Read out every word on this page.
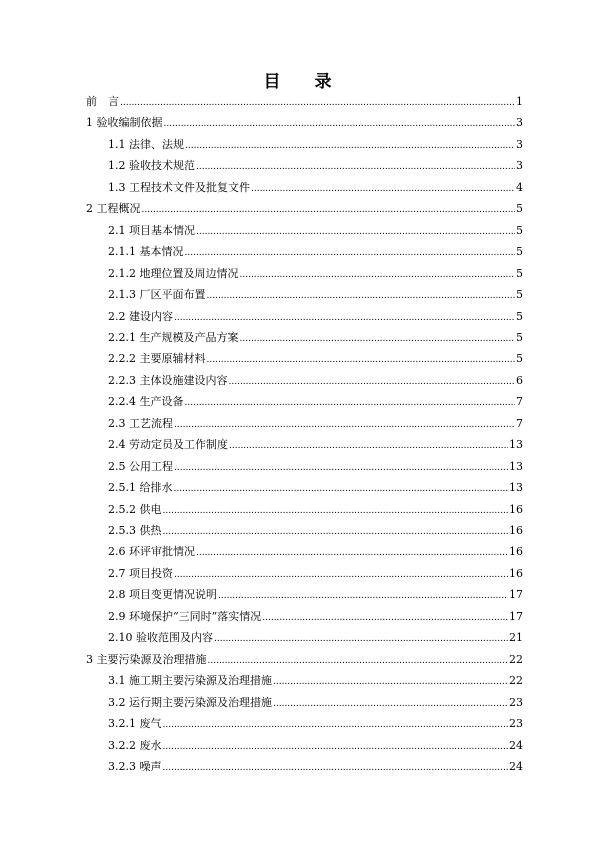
目 录
前　言 .....	1
1 验收编制依据 .....	3
1.1 法律、法规 .....	3
1.2 验收技术规范 .....	3
1.3 工程技术文件及批复文件 .....	4
2 工程概况 .....	5
2.1 项目基本情况 .....	5
2.1.1 基本情况 .....	5
2.1.2 地理位置及周边情况 .....	5
2.1.3 厂区平面布置 .....	5
2.2 建设内容 .....	5
2.2.1 生产规模及产品方案 .....	5
2.2.2 主要原辅材料 .....	5
2.2.3 主体设施建设内容 .....	6
2.2.4 生产设备 .....	7
2.3 工艺流程 .....	7
2.4 劳动定员及工作制度 .....	13
2.5 公用工程 .....	13
2.5.1 给排水 .....	13
2.5.2 供电 .....	16
2.5.3 供热 .....	16
2.6 环评审批情况 .....	16
2.7 项目投资 .....	16
2.8 项目变更情况说明 .....	17
2.9 环境保护“三同时”落实情况 .....	17
2.10 验收范围及内容 .....	21
3 主要污染源及治理措施 .....	22
3.1 施工期主要污染源及治理措施 .....	22
3.2 运行期主要污染源及治理措施 .....	23
3.2.1 废气 .....	23
3.2.2 废水 .....	24
3.2.3 噪声 .....	24
